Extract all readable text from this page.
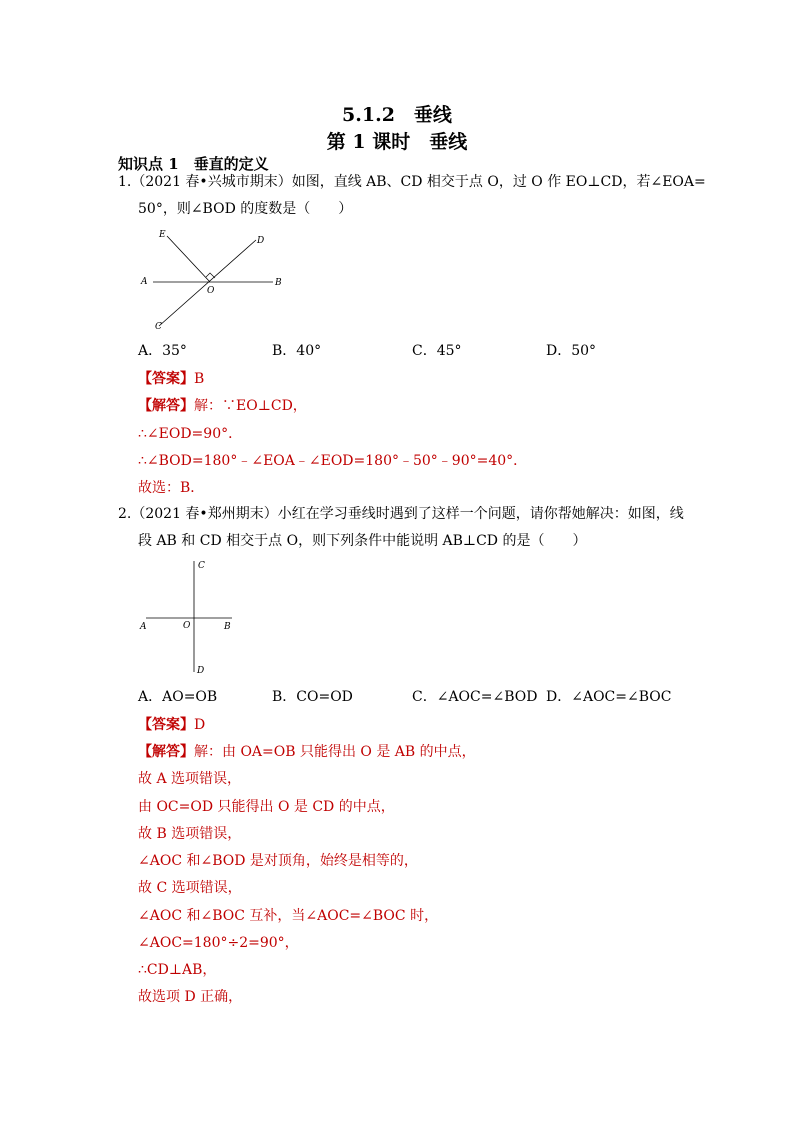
5.1.2　垂线
第 1 课时　垂线
知识点 1　垂直的定义
1.（2021 春•兴城市期末）如图，直线 AB、CD 相交于点 O，过 O 作 EO⊥CD，若∠EOA=
50°，则∠BOD 的度数是（　　）
E
D
A
O
B
C
A．35°	B．40°	C．45°	D．50°
【答案】B
【解答】解：∵EO⊥CD，
∴∠EOD=90°．
∴∠BOD=180°﹣∠EOA﹣∠EOD=180°﹣50°﹣90°=40°．
故选：B．
2.（2021 春•郑州期末）小红在学习垂线时遇到了这样一个问题，请你帮她解决：如图，线
段 AB 和 CD 相交于点 O，则下列条件中能说明 AB⊥CD 的是（　　）
C
A	O	B
D
A．AO=OB	B．CO=OD	C．∠AOC=∠BOD D．∠AOC=∠BOC
【答案】D
【解答】解：由 OA=OB 只能得出 O 是 AB 的中点，
故 A 选项错误，
由 OC=OD 只能得出 O 是 CD 的中点，
故 B 选项错误，
∠AOC 和∠BOD 是对顶角，始终是相等的，
故 C 选项错误，
∠AOC 和∠BOC 互补，当∠AOC=∠BOC 时，
∠AOC=180°÷2=90°，
∴CD⊥AB，
故选项 D 正确，
